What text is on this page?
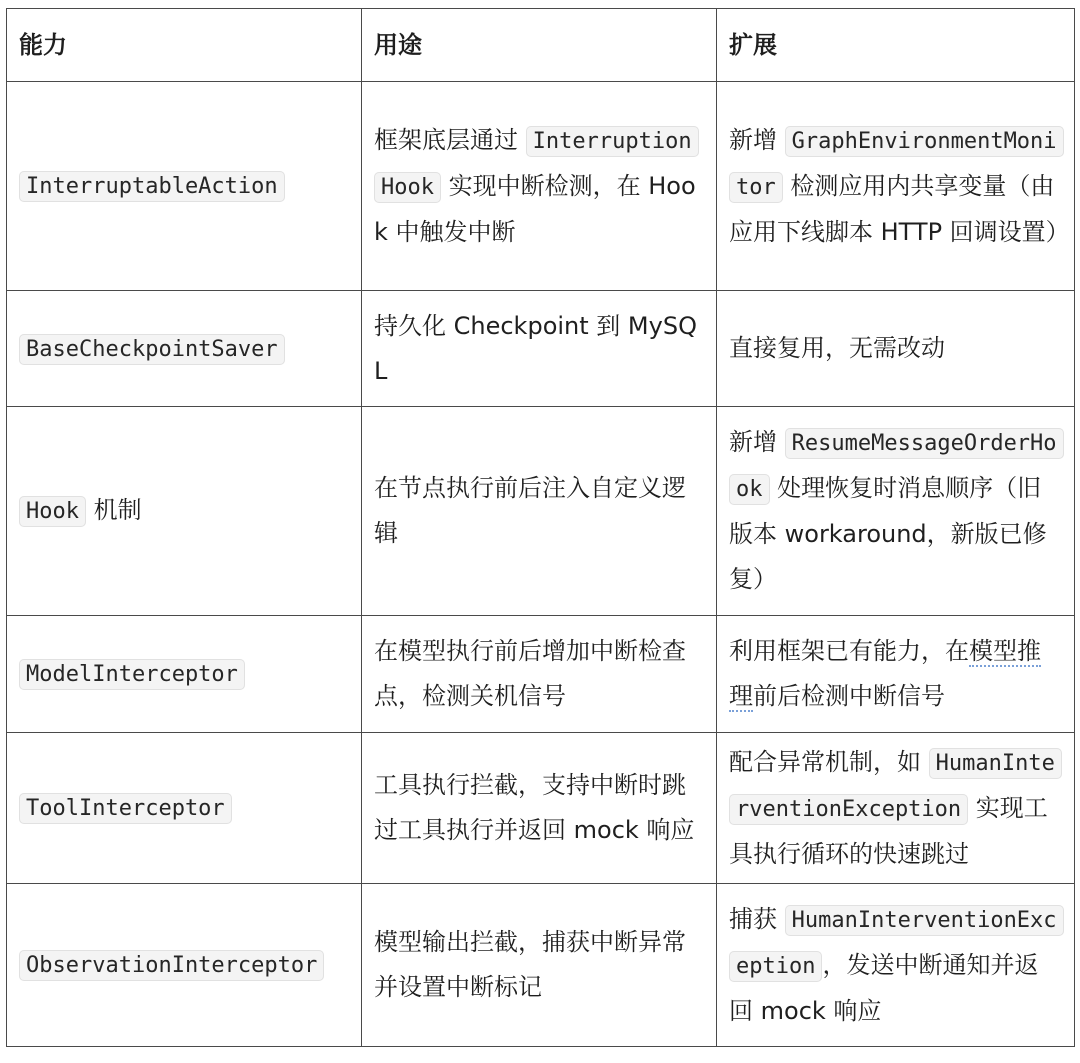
能力	用途	扩展
InterruptableAction	框架底层通过 InterruptionHook 实现中断检测，在 Hook 中触发中断	新增 GraphEnvironmentMonitor 检测应用内共享变量（由应用下线脚本 HTTP 回调设置）
BaseCheckpointSaver	持久化 Checkpoint 到 MySQL	直接复用，无需改动
Hook 机制	在节点执行前后注入自定义逻辑	新增 ResumeMessageOrderHook 处理恢复时消息顺序（旧版本 workaround，新版已修复）
ModelInterceptor	在模型执行前后增加中断检查点，检测关机信号	利用框架已有能力，在模型推理前后检测中断信号
ToolInterceptor	工具执行拦截，支持中断时跳过工具执行并返回 mock 响应	配合异常机制，如 HumanInterventionException 实现工具执行循环的快速跳过
ObservationInterceptor	模型输出拦截，捕获中断异常并设置中断标记	捕获 HumanInterventionException ，发送中断通知并返回 mock 响应
